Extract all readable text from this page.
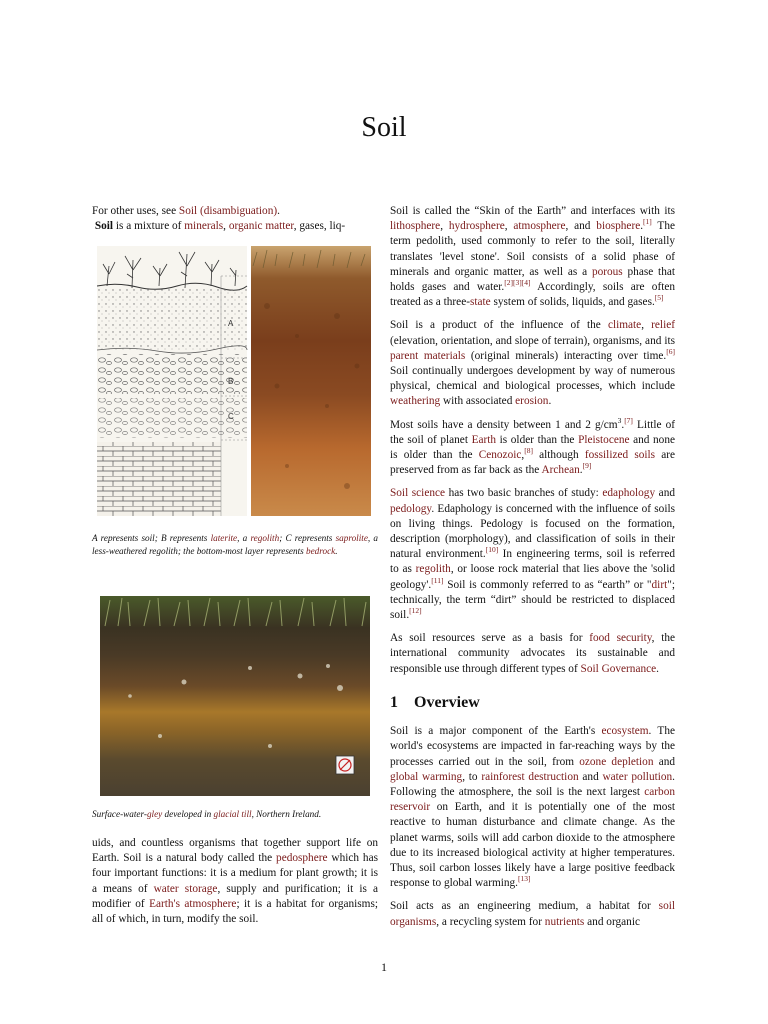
Soil
For other uses, see Soil (disambiguation).
Soil is a mixture of minerals, organic matter, gases, liq-
A
B
C
A represents soil; B represents laterite, a regolith; C represents saprolite, a less-weathered regolith; the bottom-most layer represents bedrock.
Surface-water-gley developed in glacial till, Northern Ireland.
uids, and countless organisms that together support life on Earth. Soil is a natural body called the pedosphere which has four important functions: it is a medium for plant growth; it is a means of water storage, supply and purification; it is a modifier of Earth's atmosphere; it is a habitat for organisms; all of which, in turn, modify the soil.

Soil is called the “Skin of the Earth” and interfaces with its lithosphere, hydrosphere, atmosphere, and biosphere.[1] The term pedolith, used commonly to refer to the soil, literally translates 'level stone'. Soil consists of a solid phase of minerals and organic matter, as well as a porous phase that holds gases and water.[2][3][4] Accordingly, soils are often treated as a three-state system of solids, liquids, and gases.[5]

Soil is a product of the influence of the climate, relief (elevation, orientation, and slope of terrain), organisms, and its parent materials (original minerals) interacting over time.[6] Soil continually undergoes development by way of numerous physical, chemical and biological processes, which include weathering with associated erosion.

Most soils have a density between 1 and 2 $g/cm^3.[7]$ Little of the soil of planet Earth is older than the Pleistocene and none is older than the Cenozoic,[8] although fossilized soils are preserved from as far back as the Archean.[9]

Soil science has two basic branches of study: edaphology and pedology. Edaphology is concerned with the influence of soils on living things. Pedology is focused on the formation, description (morphology), and classification of soils in their natural environment.[10] In engineering terms, soil is referred to as regolith, or loose rock material that lies above the 'solid geology'.[11] Soil is commonly referred to as “earth” or "dirt"; technically, the term “dirt” should be restricted to displaced soil.[12]

As soil resources serve as a basis for food security, the international community advocates its sustainable and responsible use through different types of Soil Governance.

1 Overview

Soil is a major component of the Earth's ecosystem. The world's ecosystems are impacted in far-reaching ways by the processes carried out in the soil, from ozone depletion and global warming, to rainforest destruction and water pollution. Following the atmosphere, the soil is the next largest carbon reservoir on Earth, and it is potentially one of the most reactive to human disturbance and climate change. As the planet warms, soils will add carbon dioxide to the atmosphere due to its increased biological activity at higher temperatures. Thus, soil carbon losses likely have a large positive feedback response to global warming.[13]

Soil acts as an engineering medium, a habitat for soil organisms, a recycling system for nutrients and organic

1
